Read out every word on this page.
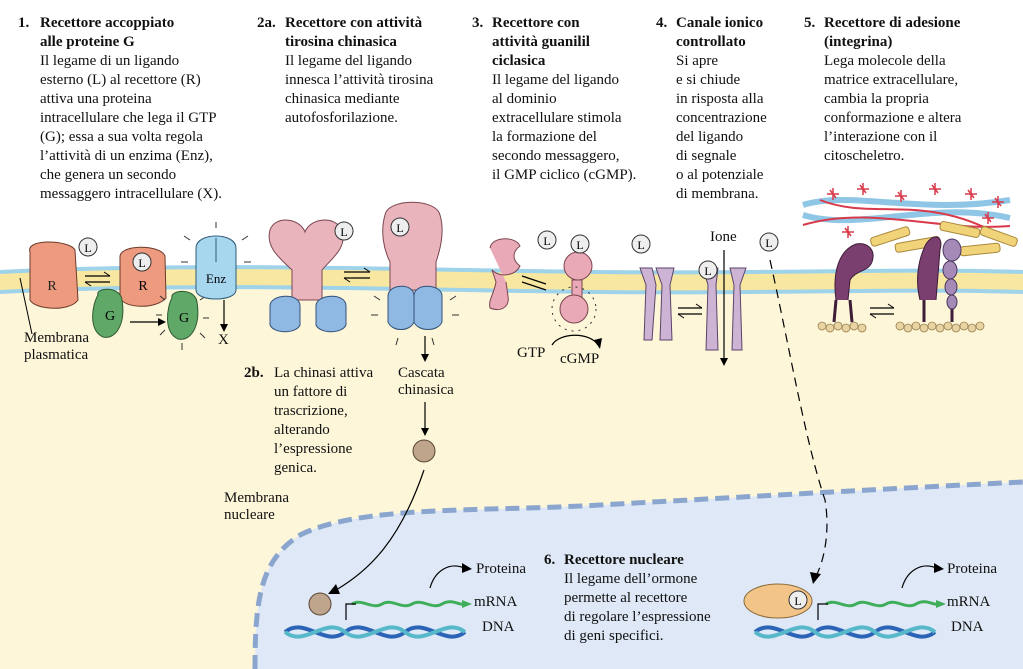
R
L
R
L
G	G
Enz
L	L
L L	L
L
L
L
1. Recettore accoppiato
alle proteine G
Il legame di un ligando
esterno (L) al recettore (R)
attiva una proteina
intracellulare che lega il GTP
(G); essa a sua volta regola
l’attività di un enzima (Enz),
che genera un secondo
messaggero intracellulare (X).
2a. Recettore con attività
tirosina chinasica
Il legame del ligando
innesca l’attività tirosina
chinasica mediante
autofosforilazione.
3. Recettore con
attività guanilil
ciclasica
Il legame del ligando
al dominio
extracellulare stimola
la formazione del
secondo messaggero,
il GMP ciclico (cGMP).
4. Canale ionico
controllato
Si apre
e si chiude
in risposta alla
concentrazione
del ligando
di segnale
o al potenziale
di membrana.
5. Recettore di adesione
(integrina)
Lega molecole della
matrice extracellulare,
cambia la propria
conformazione e altera
l’interazione con il
citoscheletro.
2b. La chinasi attiva
un fattore di
trascrizione,
alterando
l’espressione
genica.
6. Recettore nucleare
Il legame dell’ormone
permette al recettore
di regolare l’espressione
di geni specifici.
Membrana
plasmatica
Membrana
nucleare
Cascata
chinasica
Ione
GTP cGMP
X
Proteina
mRNA
DNA
Proteina
mRNA
DNA
